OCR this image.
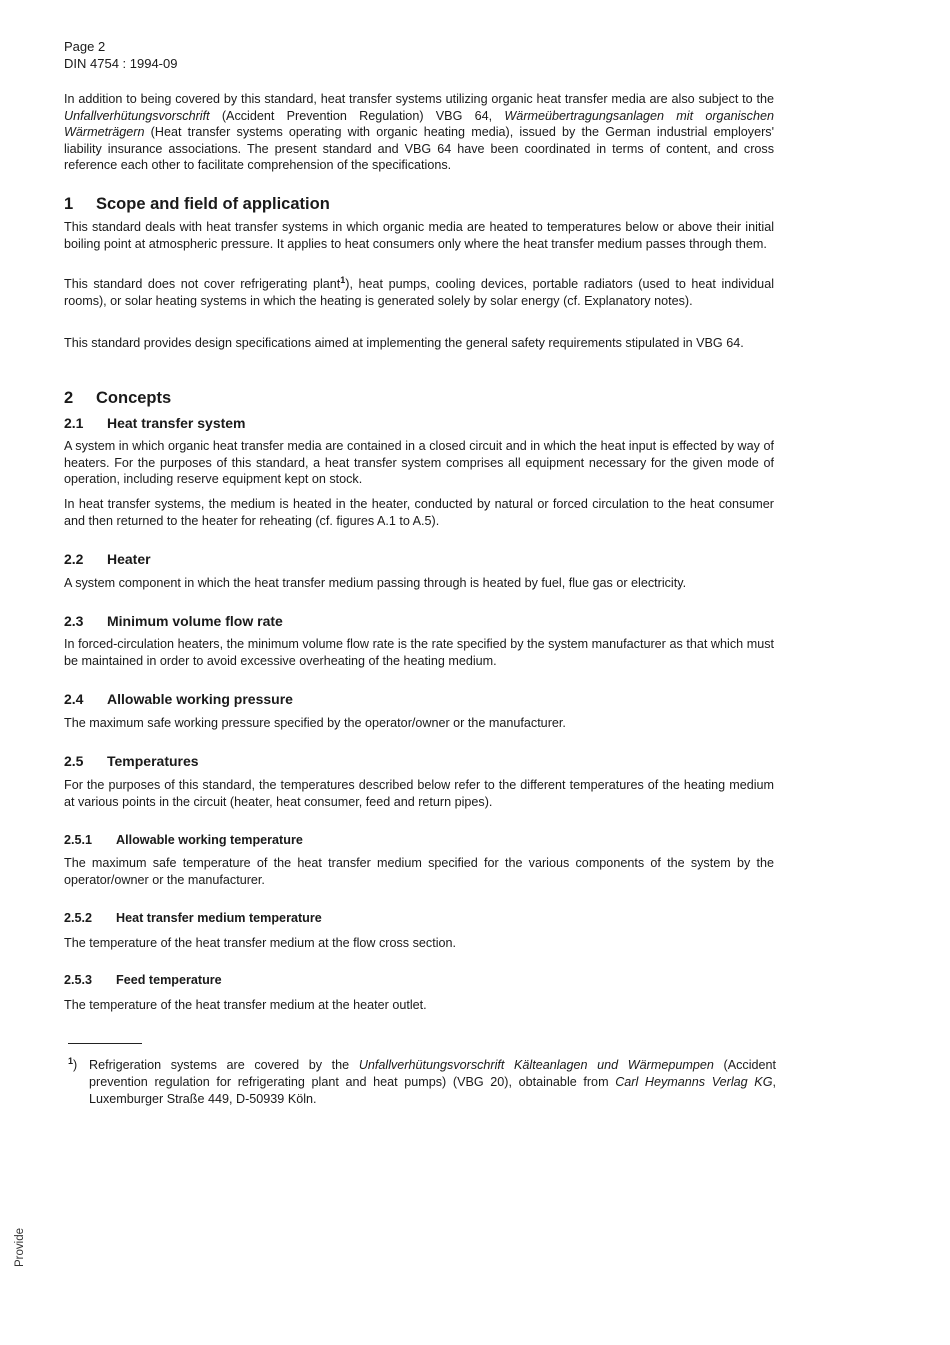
Page 2
DIN 4754 : 1994-09

In addition to being covered by this standard, heat transfer systems utilizing organic heat transfer media are also subject to the Unfallverhütungsvorschrift (Accident Prevention Regulation) VBG 64, Wärmeübertragungsanlagen mit organischen Wärmeträgern (Heat transfer systems operating with organic heating media), issued by the German industrial employers' liability insurance associations. The present standard and VBG 64 have been coordinated in terms of content, and cross reference each other to facilitate comprehension of the specifications.

1 Scope and field of application

This standard deals with heat transfer systems in which organic media are heated to temperatures below or above their initial boiling point at atmospheric pressure. It applies to heat consumers only where the heat transfer medium passes through them.

This standard does not cover refrigerating plant$^1$), heat pumps, cooling devices, portable radiators (used to heat individual rooms), or solar heating systems in which the heating is generated solely by solar energy (cf. Explanatory notes).

This standard provides design specifications aimed at implementing the general safety requirements stipulated in VBG 64.

2 Concepts
2.1 Heat transfer system

A system in which organic heat transfer media are contained in a closed circuit and in which the heat input is effected by way of heaters. For the purposes of this standard, a heat transfer system comprises all equipment necessary for the given mode of operation, including reserve equipment kept on stock.

In heat transfer systems, the medium is heated in the heater, conducted by natural or forced circulation to the heat consumer and then returned to the heater for reheating (cf. figures A.1 to A.5).

2.2 Heater

A system component in which the heat transfer medium passing through is heated by fuel, flue gas or electricity.

2.3 Minimum volume flow rate

In forced-circulation heaters, the minimum volume flow rate is the rate specified by the system manufacturer as that which must be maintained in order to avoid excessive overheating of the heating medium.

2.4 Allowable working pressure

The maximum safe working pressure specified by the operator/owner or the manufacturer.

2.5 Temperatures

For the purposes of this standard, the temperatures described below refer to the different temperatures of the heating medium at various points in the circuit (heater, heat consumer, feed and return pipes).

2.5.1 Allowable working temperature

The maximum safe temperature of the heat transfer medium specified for the various components of the system by the operator/owner or the manufacturer.

2.5.2 Heat transfer medium temperature

The temperature of the heat transfer medium at the flow cross section.

2.5.3 Feed temperature

The temperature of the heat transfer medium at the heater outlet.

$^1$) Refrigeration systems are covered by the Unfallverhütungsvorschrift Kälteanlagen und Wärmepumpen (Accident prevention regulation for refrigerating plant and heat pumps) (VBG 20), obtainable from Carl Heymanns Verlag KG, Luxemburger Straße 449, D-50939 Köln.
Provide
